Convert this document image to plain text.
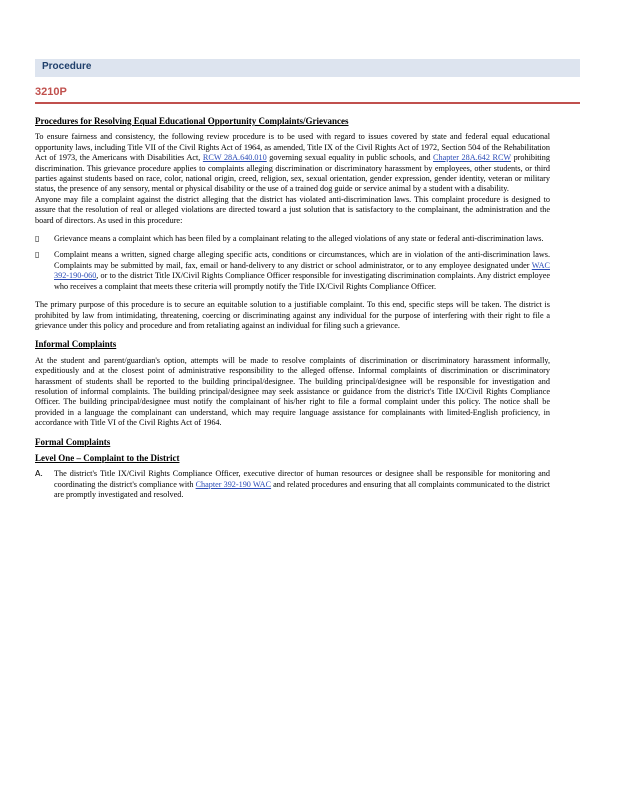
Procedure
3210P
Procedures for Resolving Equal Educational Opportunity Complaints/Grievances

To ensure fairness and consistency, the following review procedure is to be used with regard to issues covered by state and federal equal educational opportunity laws, including Title VII of the Civil Rights Act of 1964, as amended, Title IX of the Civil Rights Act of 1972, Section 504 of the Rehabilitation Act of 1973, the Americans with Disabilities Act, RCW 28A.640.010 governing sexual equality in public schools, and Chapter 28A.642 RCW prohibiting discrimination. This grievance procedure applies to complaints alleging discrimination or discriminatory harassment by employees, other students, or third parties against students based on race, color, national origin, creed, religion, sex, sexual orientation, gender expression, gender identity, veteran or military status, the presence of any sensory, mental or physical disability or the use of a trained dog guide or service animal by a student with a disability.
Anyone may file a complaint against the district alleging that the district has violated anti-discrimination laws. This complaint procedure is designed to assure that the resolution of real or alleged violations are directed toward a just solution that is satisfactory to the complainant, the administration and the board of directors. As used in this procedure:

▯ Grievance means a complaint which has been filed by a complainant relating to the alleged violations of any state or federal anti-discrimination laws.
▯ Complaint means a written, signed charge alleging specific acts, conditions or circumstances, which are in violation of the anti-discrimination laws. Complaints may be submitted by mail, fax, email or hand-delivery to any district or school administrator, or to any employee designated under WAC 392-190-060, or to the district Title IX/Civil Rights Compliance Officer responsible for investigating discrimination complaints. Any district employee who receives a complaint that meets these criteria will promptly notify the Title IX/Civil Rights Compliance Officer.

The primary purpose of this procedure is to secure an equitable solution to a justifiable complaint. To this end, specific steps will be taken. The district is prohibited by law from intimidating, threatening, coercing or discriminating against any individual for the purpose of interfering with their right to file a grievance under this policy and procedure and from retaliating against an individual for filing such a grievance.

Informal Complaints

At the student and parent/guardian's option, attempts will be made to resolve complaints of discrimination or discriminatory harassment informally, expeditiously and at the closest point of administrative responsibility to the alleged offense. Informal complaints of discrimination or discriminatory harassment of students shall be reported to the building principal/designee. The building principal/designee will be responsible for investigation and resolution of informal complaints. The building principal/designee may seek assistance or guidance from the district's Title IX/Civil Rights Compliance Officer. The building principal/designee must notify the complainant of his/her right to file a formal complaint under this policy. The notice shall be provided in a language the complainant can understand, which may require language assistance for complainants with limited-English proficiency, in accordance with Title VI of the Civil Rights Act of 1964.

Formal Complaints
Level One – Complaint to the District
A. The district's Title IX/Civil Rights Compliance Officer, executive director of human resources or designee shall be responsible for monitoring and coordinating the district's compliance with Chapter 392-190 WAC and related procedures and ensuring that all complaints communicated to the district are promptly investigated and resolved.
